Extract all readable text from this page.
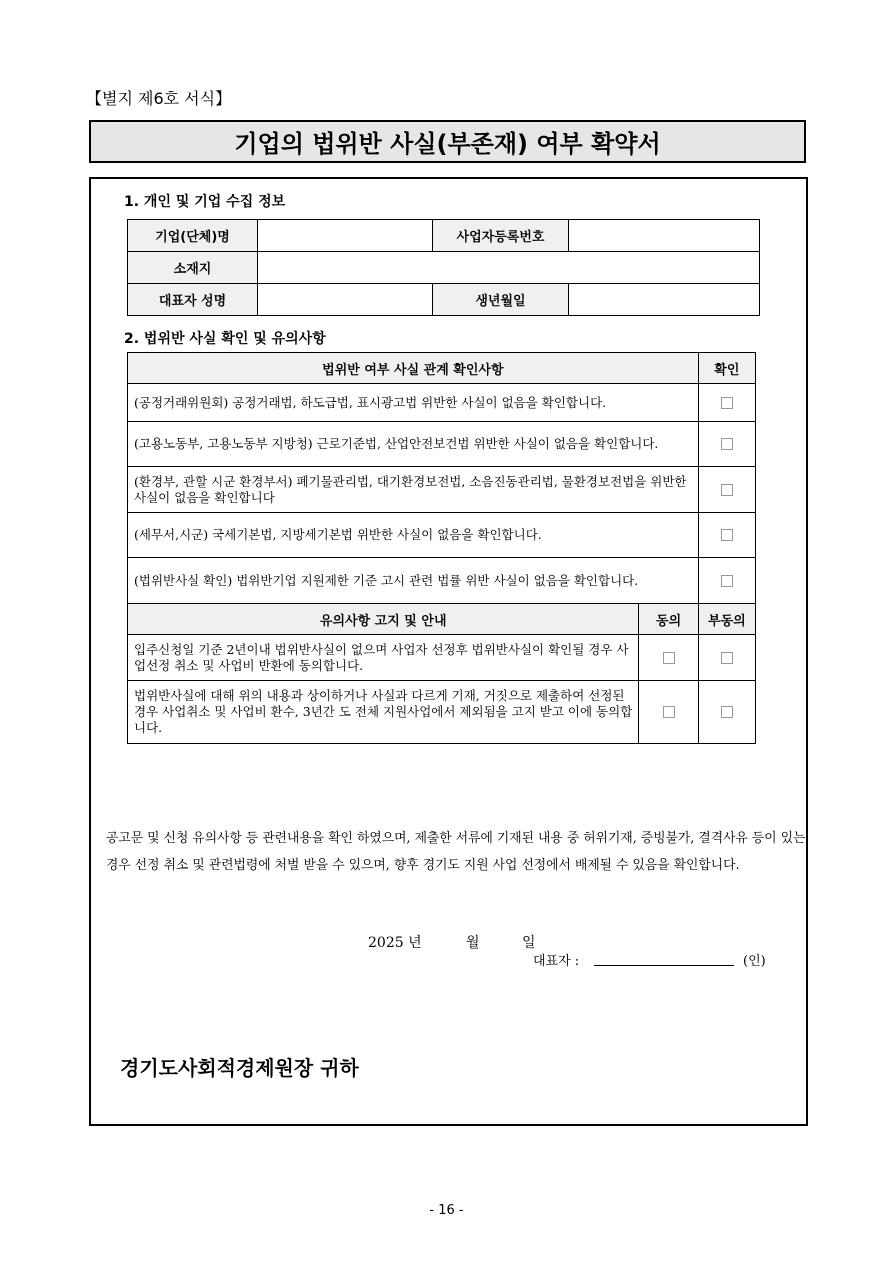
【별지 제6호 서식】
기업의 법위반 사실(부존재) 여부 확약서
1. 개인 및 기업 수집 정보
기업(단체)명		사업자등록번호	
소재지			
대표자 성명		생년월일	
2. 법위반 사실 확인 및 유의사항
법위반 여부 사실 관계 확인사항		확인
(공정거래위원회) 공정거래법, 하도급법, 표시광고법 위반한 사실이 없음을 확인합니다.		
(고용노동부, 고용노동부 지방청) 근로기준법, 산업안전보건법 위반한 사실이 없음을 확인합니다.		
(환경부, 관할 시군 환경부서) 폐기물관리법, 대기환경보전법, 소음진동관리법, 물환경보전법을 위반한 사실이 없음을 확인합니다		
(세무서,시군) 국세기본법, 지방세기본법 위반한 사실이 없음을 확인합니다.		
(법위반사실 확인) 법위반기업 지원제한 기준 고시 관련 법률 위반 사실이 없음을 확인합니다.		
유의사항 고지 및 안내	동의	부동의
입주신청일 기준 2년이내 법위반사실이 없으며 사업자 선정후 법위반사실이 확인될 경우 사업선정 취소 및 사업비 반환에 동의합니다.		
법위반사실에 대해 위의 내용과 상이하거나 사실과 다르게 기재, 거짓으로 제출하여 선정된 경우 사업취소 및 사업비 환수, 3년간 도 전체 지원사업에서 제외됨을 고지 받고 이에 동의합니다.		
공고문 및 신청 유의사항 등 관련내용을 확인 하였으며, 제출한 서류에 기재된 내용 중 허위기재, 증빙불가, 결격사유 등이 있는 경우 선정 취소 및 관련법령에 처벌 받을 수 있으며, 향후 경기도 지원 사업 선정에서 배제될 수 있음을 확인합니다.
2025 년	월	일
대표자 :	(인)
경기도사회적경제원장 귀하
- 16 -
